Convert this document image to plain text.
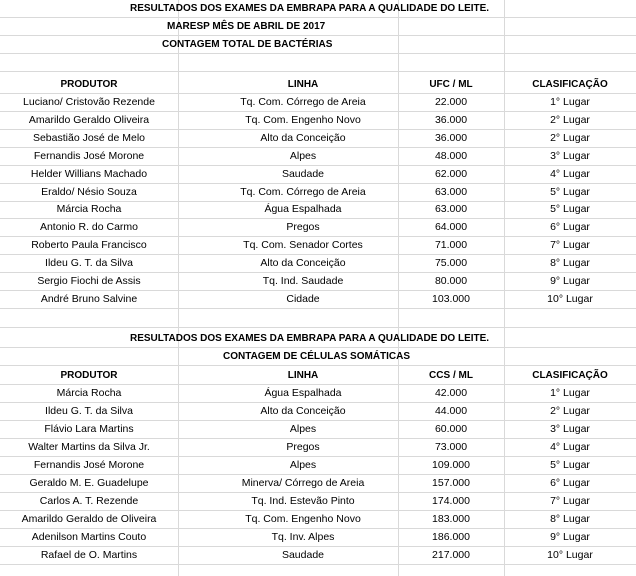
RESULTADOS DOS EXAMES DA EMBRAPA PARA A QUALIDADE DO LEITE.
MARESP MÊS DE ABRIL DE 2017
CONTAGEM TOTAL DE BACTÉRIAS
PRODUTOR	LINHA	UFC / ML	CLASIFICAÇÃO
Luciano/ Cristovão Rezende	Tq. Com. Córrego de Areia	22.000	1° Lugar
Amarildo Geraldo Oliveira	Tq. Com. Engenho Novo	36.000	2° Lugar
Sebastião José de Melo	Alto da Conceição	36.000	2° Lugar
Fernandis José Morone	Alpes	48.000	3° Lugar
Helder Willians Machado	Saudade	62.000	4° Lugar
Eraldo/ Nésio Souza	Tq. Com. Córrego de Areia	63.000	5° Lugar
Márcia Rocha	Água Espalhada	63.000	5° Lugar
Antonio R. do Carmo	Pregos	64.000	6° Lugar
Roberto Paula Francisco	Tq. Com. Senador Cortes	71.000	7° Lugar
Ildeu G. T. da Silva	Alto da Conceição	75.000	8° Lugar
Sergio Fiochi de Assis	Tq. Ind. Saudade	80.000	9° Lugar
André Bruno Salvine	Cidade	103.000	10° Lugar
RESULTADOS DOS EXAMES DA EMBRAPA PARA A QUALIDADE DO LEITE.
CONTAGEM DE CÉLULAS SOMÁTICAS
PRODUTOR	LINHA	CCS / ML	CLASIFICAÇÃO
Márcia Rocha	Água Espalhada	42.000	1° Lugar
Ildeu G. T. da Silva	Alto da Conceição	44.000	2° Lugar
Flávio Lara Martins	Alpes	60.000	3° Lugar
Walter Martins da Silva Jr.	Pregos	73.000	4° Lugar
Fernandis José Morone	Alpes	109.000	5° Lugar
Geraldo M. E. Guadelupe	Minerva/ Córrego de Areia	157.000	6° Lugar
Carlos A. T. Rezende	Tq. Ind. Estevão Pinto	174.000	7° Lugar
Amarildo Geraldo de Oliveira	Tq. Com. Engenho Novo	183.000	8° Lugar
Adenilson Martins Couto	Tq. Inv. Alpes	186.000	9° Lugar
Rafael de O. Martins	Saudade	217.000	10° Lugar
